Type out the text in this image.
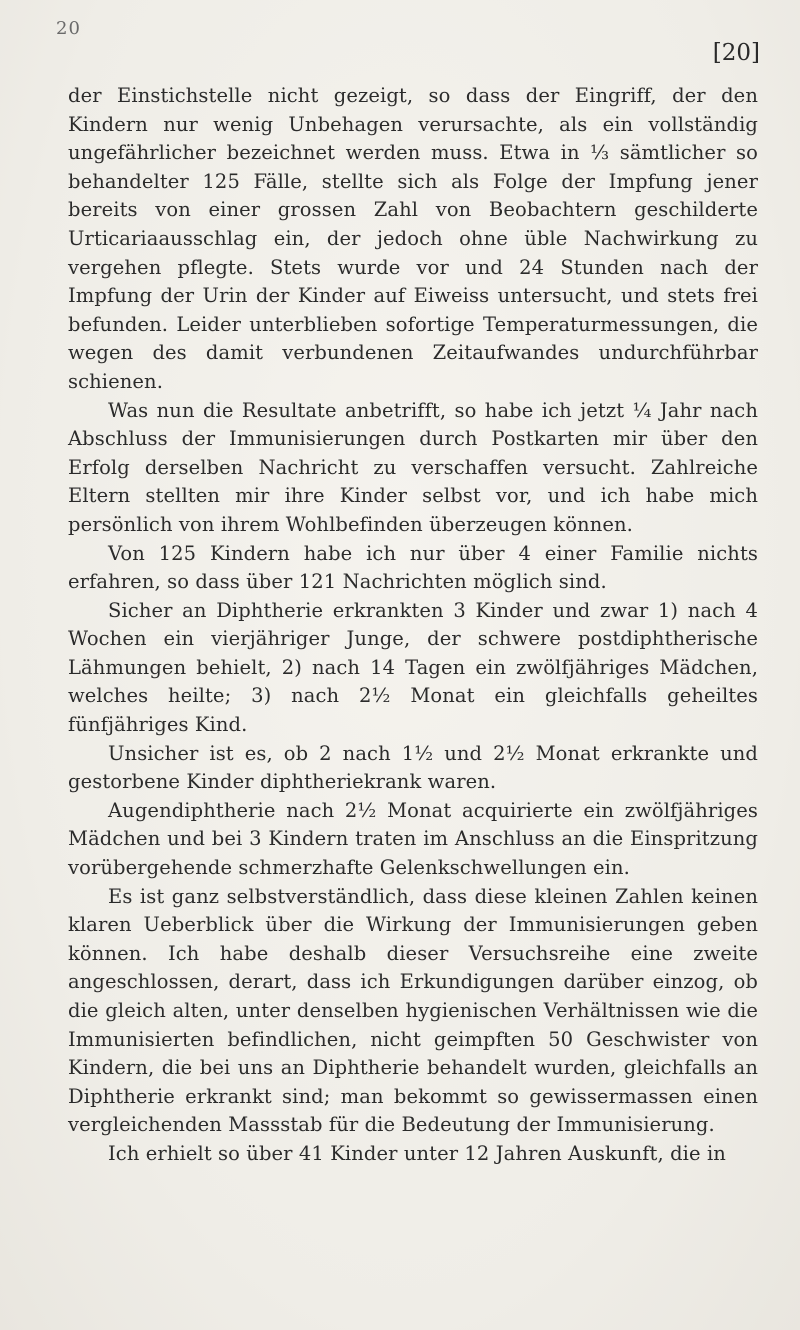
20
[20]

der Einstichstelle nicht gezeigt, so dass der Eingriff, der den Kindern nur wenig Unbehagen verursachte, als ein vollständig ungefährlicher bezeichnet werden muss. Etwa in ⅓ sämtlicher so behandelter 125 Fälle, stellte sich als Folge der Impfung jener bereits von einer grossen Zahl von Beobachtern geschilderte Urticariaausschlag ein, der jedoch ohne üble Nachwirkung zu vergehen pflegte. Stets wurde vor und 24 Stunden nach der Impfung der Urin der Kinder auf Eiweiss untersucht, und stets frei befunden. Leider unterblieben sofortige Temperaturmessungen, die wegen des damit verbundenen Zeitaufwandes undurchführbar schienen.

Was nun die Resultate anbetrifft, so habe ich jetzt ¼ Jahr nach Abschluss der Immunisierungen durch Postkarten mir über den Erfolg derselben Nachricht zu verschaffen versucht. Zahlreiche Eltern stellten mir ihre Kinder selbst vor, und ich habe mich persönlich von ihrem Wohlbefinden überzeugen können.

Von 125 Kindern habe ich nur über 4 einer Familie nichts erfahren, so dass über 121 Nachrichten möglich sind.

Sicher an Diphtherie erkrankten 3 Kinder und zwar 1) nach 4 Wochen ein vierjähriger Junge, der schwere postdiphtherische Lähmungen behielt, 2) nach 14 Tagen ein zwölfjähriges Mädchen, welches heilte; 3) nach 2½ Monat ein gleichfalls geheiltes fünfjähriges Kind.

Unsicher ist es, ob 2 nach 1½ und 2½ Monat erkrankte und gestorbene Kinder diphtheriekrank waren.

Augendiphtherie nach 2½ Monat acquirierte ein zwölfjähriges Mädchen und bei 3 Kindern traten im Anschluss an die Einspritzung vorübergehende schmerzhafte Gelenkschwellungen ein.

Es ist ganz selbstverständlich, dass diese kleinen Zahlen keinen klaren Ueberblick über die Wirkung der Immunisierungen geben können. Ich habe deshalb dieser Versuchsreihe eine zweite angeschlossen, derart, dass ich Erkundigungen darüber einzog, ob die gleich alten, unter denselben hygienischen Verhältnissen wie die Immunisierten befindlichen, nicht geimpften 50 Geschwister von Kindern, die bei uns an Diphtherie behandelt wurden, gleichfalls an Diphtherie erkrankt sind; man bekommt so gewissermassen einen vergleichenden Massstab für die Bedeutung der Immunisierung.

Ich erhielt so über 41 Kinder unter 12 Jahren Auskunft, die in
